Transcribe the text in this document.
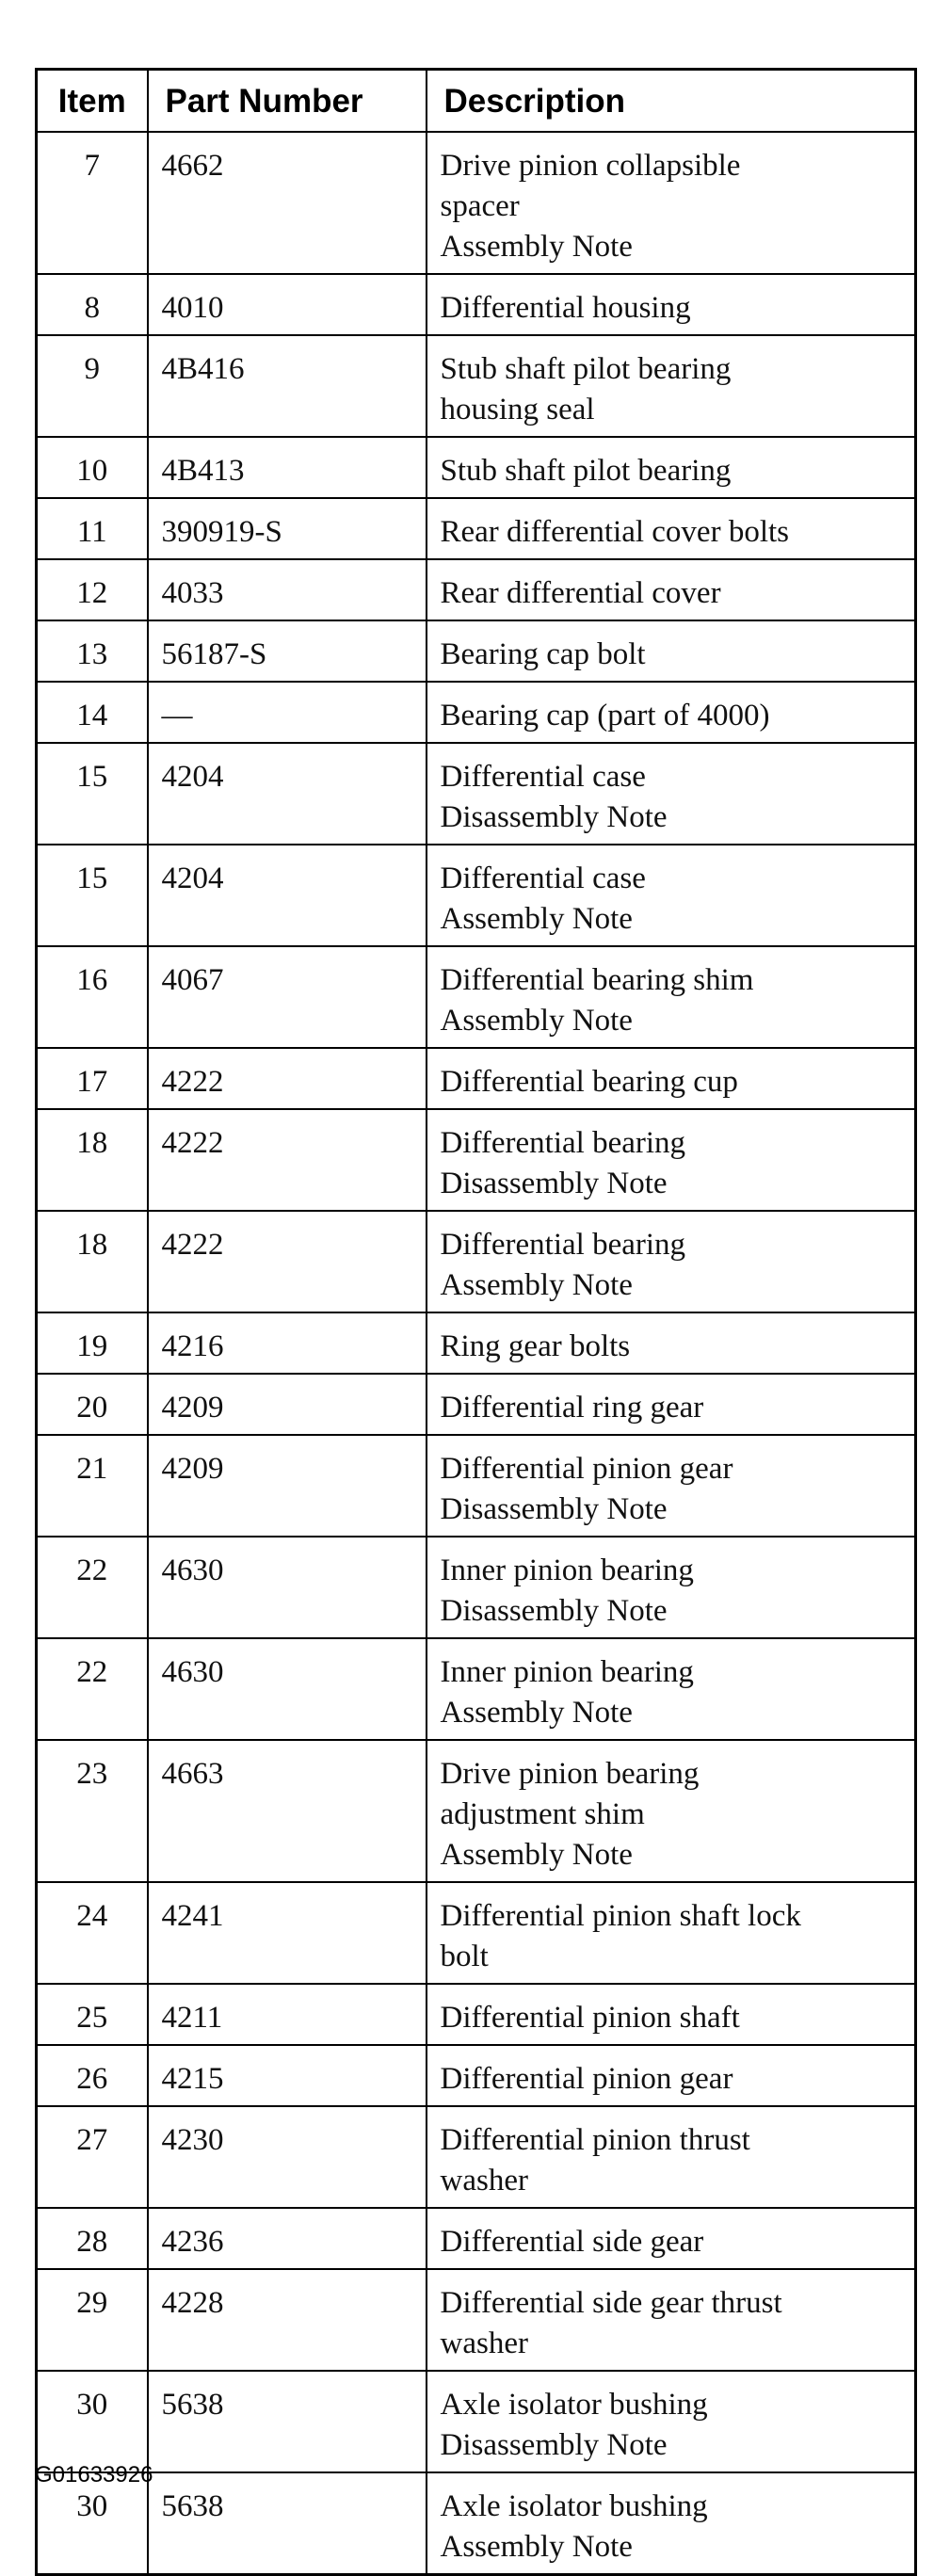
Item	Part Number	Description
7	4662	Drive pinion collapsible
spacer
Assembly Note

8	4010	Differential housing

9	4B416	Stub shaft pilot bearing
housing seal

10	4B413	Stub shaft pilot bearing

11	390919-S	Rear differential cover bolts

12	4033	Rear differential cover

13	56187-S	Bearing cap bolt

14	—	Bearing cap (part of 4000)

15	4204	Differential case
Disassembly Note

15	4204	Differential case
Assembly Note

16	4067	Differential bearing shim
Assembly Note

17	4222	Differential bearing cup

18	4222	Differential bearing
Disassembly Note

18	4222	Differential bearing
Assembly Note

19	4216	Ring gear bolts

20	4209	Differential ring gear

21	4209	Differential pinion gear
Disassembly Note

22	4630	Inner pinion bearing
Disassembly Note

22	4630	Inner pinion bearing
Assembly Note

23	4663	Drive pinion bearing
adjustment shim
Assembly Note

24	4241	Differential pinion shaft lock
bolt

25	4211	Differential pinion shaft

26	4215	Differential pinion gear

27	4230	Differential pinion thrust
washer

28	4236	Differential side gear

29	4228	Differential side gear thrust
washer

30	5638	Axle isolator bushing
Disassembly Note

30	5638	Axle isolator bushing
Assembly Note
G01633926
